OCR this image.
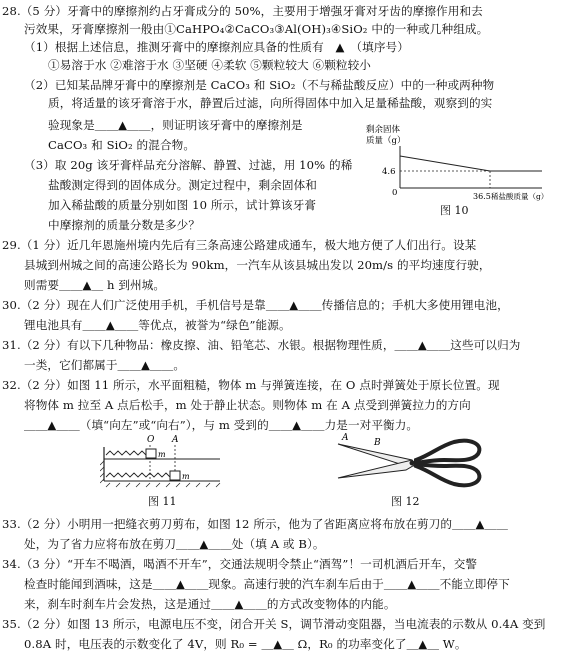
28.（5 分）牙膏中的摩擦剂约占牙膏成分的 50%，主要用于增强牙膏对牙齿的摩擦作用和去
污效果，牙膏摩擦剂一般由①CaHPO₄②CaCO₃③Al(OH)₃④SiO₂ 中的一种或几种组成。
（1）根据上述信息，推测牙膏中的摩擦剂应具备的性质有　▲　（填序号）
①易溶于水 ②难溶于水 ③坚硬 ④柔软 ⑤颗粒较大 ⑥颗粒较小
（2）已知某品牌牙膏中的摩擦剂是 CaCO₃ 和 SiO₂（不与稀盐酸反应）中的一种或两种物
质，将适量的该牙膏溶于水，静置后过滤，向所得固体中加入足量稀盐酸，观察到的实
验现象是＿＿▲＿＿，则证明该牙膏中的摩擦剂是
CaCO₃ 和 SiO₂ 的混合物。
（3）取 20g 该牙膏样品充分溶解、静置、过滤，用 10% 的稀
盐酸测定得到的固体成分。测定过程中，剩余固体和
加入稀盐酸的质量分别如图 10 所示，试计算该牙膏
中摩擦剂的质量分数是多少？
29.（1 分）近几年恩施州境内先后有三条高速公路建成通车，极大地方便了人们出行。设某
县城到州城之间的高速公路长为 90km，一汽车从该县城出发以 20m/s 的平均速度行驶，
则需要＿＿▲＿ h 到州城。
30.（2 分）现在人们广泛使用手机，手机信号是靠＿＿▲＿＿传播信息的；手机大多使用锂电池，
锂电池具有＿＿▲＿＿等优点，被誉为“绿色”能源。
31.（2 分）有以下几种物品：橡皮擦、油、铅笔芯、水银。根据物理性质，＿＿▲＿＿这些可以归为
一类，它们都属于＿＿▲＿＿。
32.（2 分）如图 11 所示，水平面粗糙，物体 m 与弹簧连接，在 O 点时弹簧处于原长位置。现
将物体 m 拉至 A 点后松手，m 处于静止状态。则物体 m 在 A 点受到弹簧拉力的方向
＿＿▲＿＿（填“向左”或“向右”），与 m 受到的＿＿▲＿＿力是一对平衡力。
33.（2 分）小明用一把缝衣剪刀剪布，如图 12 所示，他为了省距离应将布放在剪刀的＿＿▲＿＿
处，为了省力应将布放在剪刀＿＿▲＿＿处（填 A 或 B）。
34.（3 分）“开车不喝酒，喝酒不开车”，交通法规明令禁止“酒驾”！一司机酒后开车，交警
检查时能闻到酒味，这是＿＿▲＿＿现象。高速行驶的汽车刹车后由于＿＿▲＿＿不能立即停下
来，刹车时刹车片会发热，这是通过＿＿▲＿＿的方式改变物体的内能。
35.（2 分）如图 13 所示，电源电压不变，闭合开关 S，调节滑动变阻器，当电流表的示数从 0.4A 变到
0.8A 时，电压表的示数变化了 4V，则 R₀ = ＿▲＿ Ω，R₀ 的功率变化了＿▲＿ W。
剩余固体
质量（g）
4.6
0	36.5 稀盐酸质量（g）
图 10
O A
m
m
图 11
A	B
图 12
